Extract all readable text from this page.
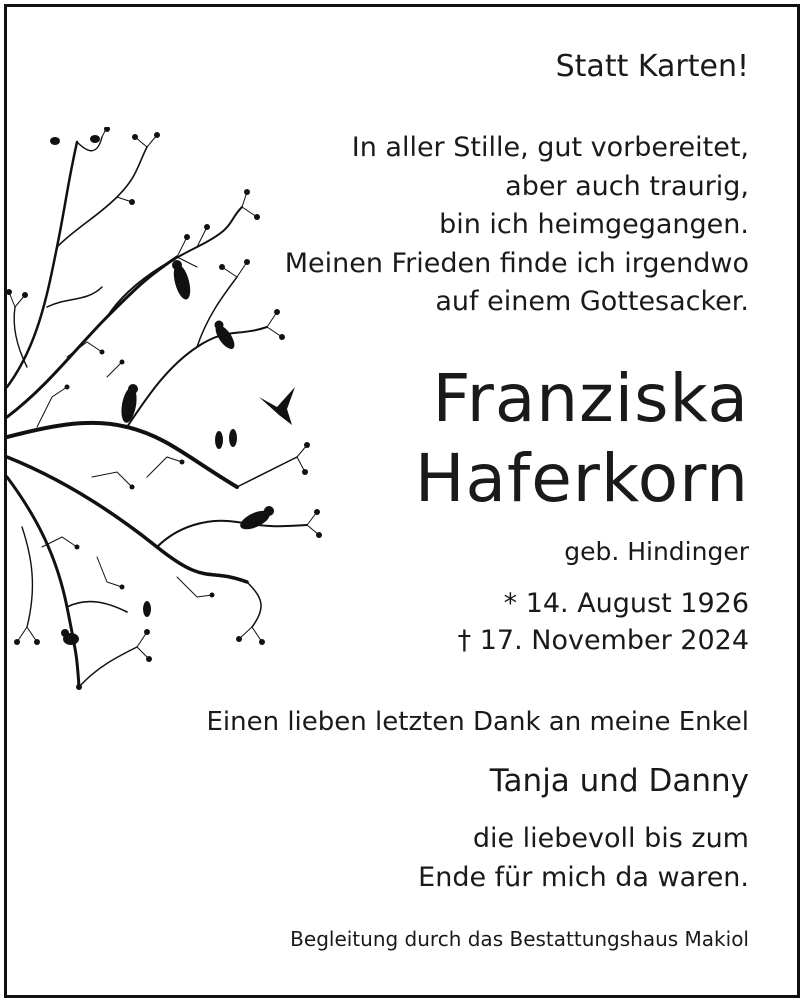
Statt Karten!
In aller Stille, gut vorbereitet,
aber auch traurig,
bin ich heimgegangen.
Meinen Frieden finde ich irgendwo
auf einem Gottesacker.
Franziska
Haferkorn
geb. Hindinger
* 14. August 1926
† 17. November 2024
Einen lieben letzten Dank an meine Enkel
Tanja und Danny
die liebevoll bis zum
Ende für mich da waren.
Begleitung durch das Bestattungshaus Makiol
